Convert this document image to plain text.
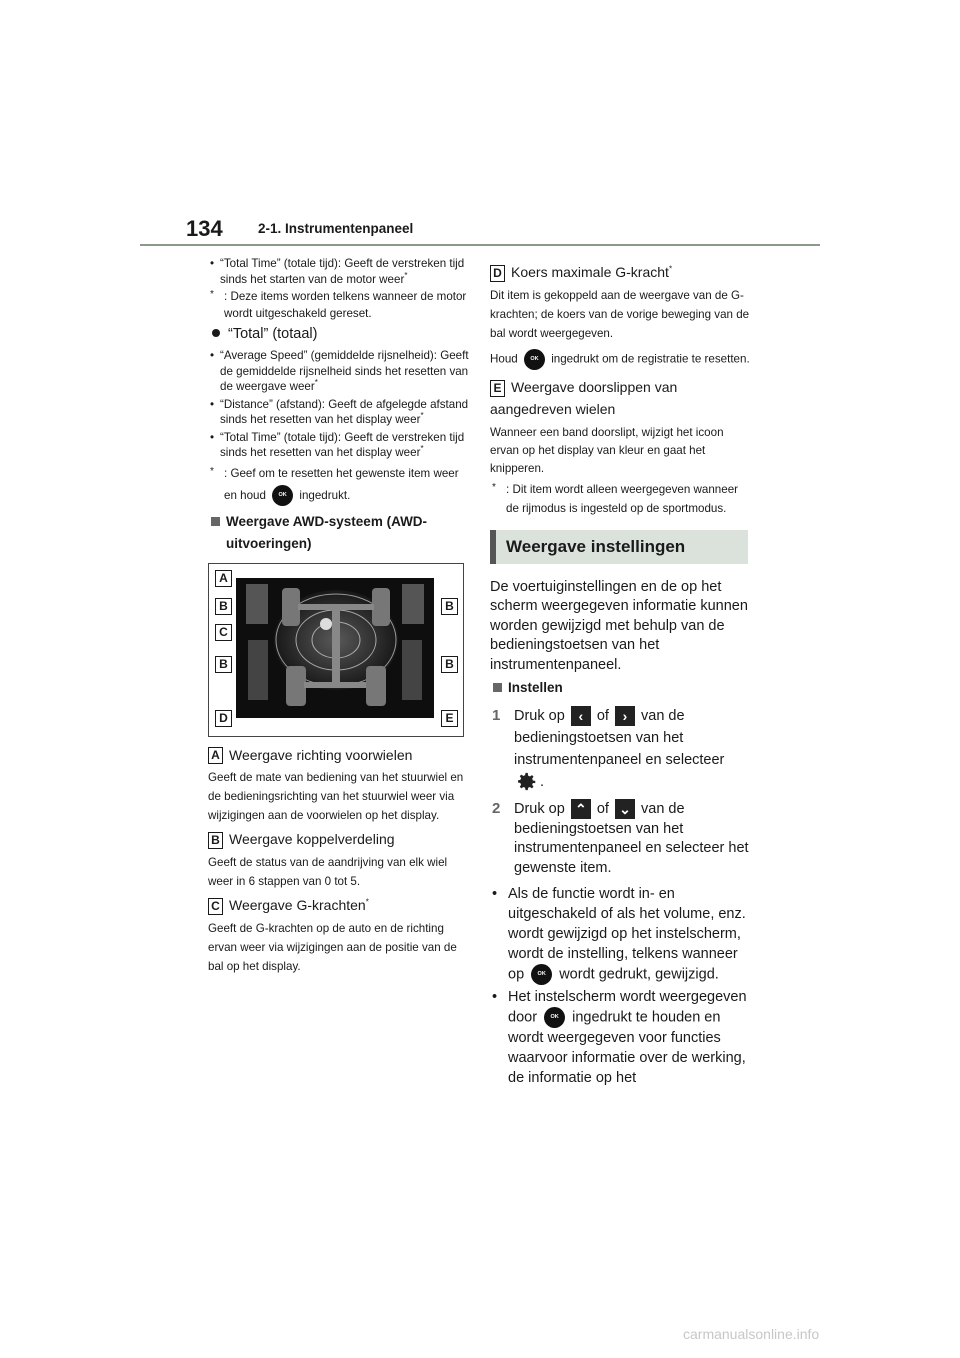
134	2-1. Instrumentenpaneel
• “Total Time” (totale tijd): Geeft de verstreken tijd sinds het starten van de motor weer*
* : Deze items worden telkens wanneer de motor wordt uitgeschakeld gereset.
“Total” (totaal)
• “Average Speed” (gemiddelde rijsnelheid): Geeft de gemiddelde rijsnelheid sinds het resetten van de weergave weer*
• “Distance” (afstand): Geeft de afgelegde afstand sinds het resetten van het display weer*
• “Total Time” (totale tijd): Geeft de verstreken tijd sinds het resetten van het display weer*
* : Geef om te resetten het gewenste item weer en houd OK ingedrukt.
Weergave AWD-systeem (AWD-uitvoeringen)
A
B
C
B
D
B
B
E
A Weergave richting voorwielen
Geeft de mate van bediening van het stuurwiel en de bedieningsrichting van het stuurwiel weer via wijzigingen aan de voorwielen op het display.
B Weergave koppelverdeling
Geeft de status van de aandrijving van elk wiel weer in 6 stappen van 0 tot 5.
C Weergave G-krachten*
Geeft de G-krachten op de auto en de richting ervan weer via wijzigingen aan de positie van de bal op het display.
D Koers maximale G-kracht*
Dit item is gekoppeld aan de weergave van de G-krachten; de koers van de vorige beweging van de bal wordt weergegeven.
Houd OK ingedrukt om de registratie te resetten.
E Weergave doorslippen van aangedreven wielen
Wanneer een band doorslipt, wijzigt het icoon ervan op het display van kleur en gaat het knipperen.
* : Dit item wordt alleen weergegeven wanneer de rijmodus is ingesteld op de sportmodus.
Weergave instellingen
De voertuiginstellingen en de op het scherm weergegeven informatie kunnen worden gewijzigd met behulp van de bedieningstoetsen van het instrumentenpaneel.
Instellen
1 Druk op ‹ of › van de bedieningstoetsen van het instrumentenpaneel en selecteer .
2 Druk op ⌃ of ⌄ van de bedieningstoetsen van het instrumentenpaneel en selecteer het gewenste item.
• Als de functie wordt in- en uitgeschakeld of als het volume, enz. wordt gewijzigd op het instelscherm, wordt de instelling, telkens wanneer op OK wordt gedrukt, gewijzigd.
• Het instelscherm wordt weergegeven door OK ingedrukt te houden en wordt weergegeven voor functies waarvoor informatie over de werking, de informatie op het
carmanualsonline.info
